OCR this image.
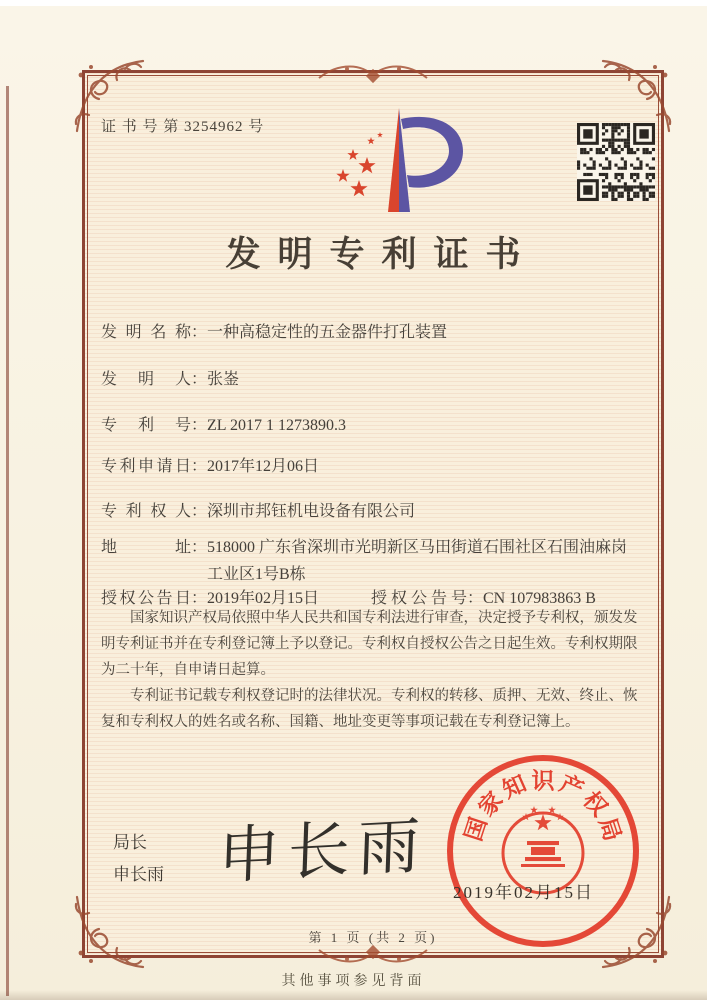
证 书 号 第 3254962 号
发明专利证书
发明名称 ： 一种高稳定性的五金器件打孔装置
发明人 ： 张崟
专利号 ： ZL 2017 1 1273890.3
专利申请日 ： 2017年12月06日
专利权人 ： 深圳市邦钰机电设备有限公司
地址 ： 518000 广东省深圳市光明新区马田街道石围社区石围油麻岗工业区1号B栋
授权公告日 ： 2019年02月15日	授权公告号 ： CN 107983863 B

国家知识产权局依照中华人民共和国专利法进行审查，决定授予专利权，颁发发明专利证书并在专利登记簿上予以登记。专利权自授权公告之日起生效。专利权期限为二十年，自申请日起算。

专利证书记载专利权登记时的法律状况。专利权的转移、质押、无效、终止、恢复和专利权人的姓名或名称、国籍、地址变更等事项记载在专利登记簿上。

局长
申长雨 申长雨 国
家
知 识 产
权
局
2019年02月15日
第 1 页 (共 2 页)
其他事项参见背面
